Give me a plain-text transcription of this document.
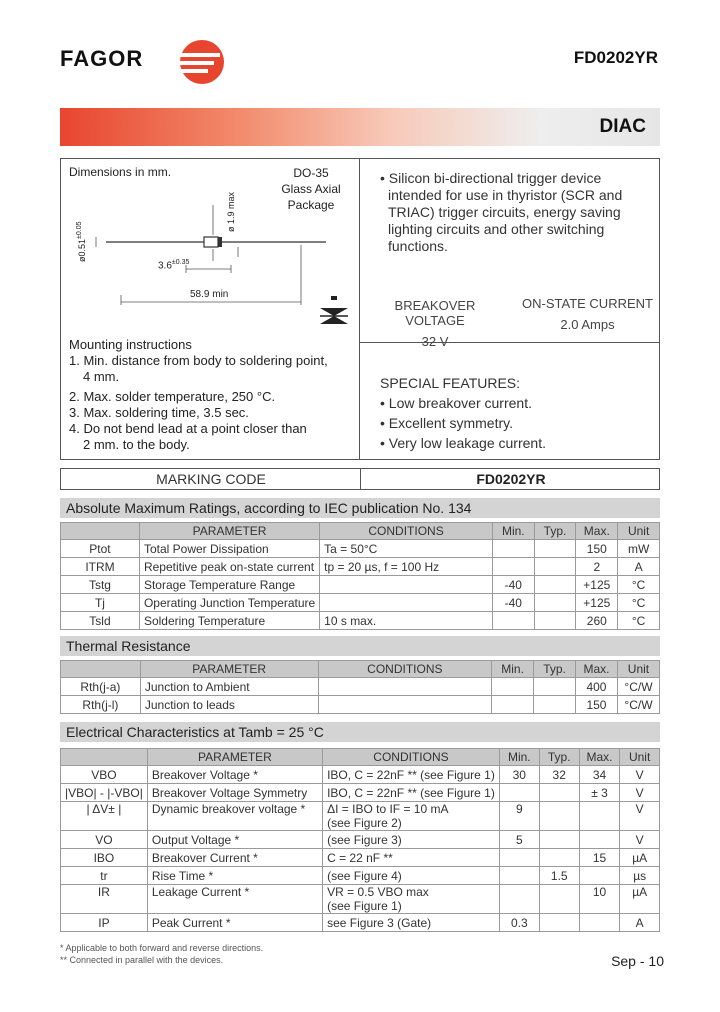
FAGOR	FD0202YR
DIAC
Dimensions in mm.	DO-35
Glass Axial
Package
ø 1.9 max
$ø0.51^{\pm 0.05}$
$3.6^{\pm 0.35}$
58.9 min
Mounting instructions
1. Min. distance from body to soldering point,
4 mm.
2. Max. solder temperature, 250 °C.
3. Max. soldering time, 3.5 sec.
4. Do not bend lead at a point closer than
2 mm. to the body.
• Silicon bi-directional trigger device
intended for use in thyristor (SCR and
TRIAC) trigger circuits, energy saving
lighting circuits and other switching
functions.
BREAKOVER VOLTAGE
32 V
ON-STATE CURRENT
2.0 Amps
SPECIAL FEATURES:
• Low breakover current.
• Excellent symmetry.
• Very low leakage current.
MARKING CODE	FD0202YR
Absolute Maximum Ratings, according to IEC publication No. 134
	PARAMETER	CONDITIONS	Min.	Typ.	Max.	Unit
Ptot	Total Power Dissipation	Ta = 50°C			150	mW
ITRM	Repetitive peak on-state current	tp = 20 µs, f = 100 Hz			2	A
Tstg	Storage Temperature Range		-40		+125	°C
Tj	Operating Junction Temperature		-40		+125	°C
Tsld	Soldering Temperature	10 s max.			260	°C
Thermal Resistance
	PARAMETER	CONDITIONS	Min.	Typ.	Max.	Unit
Rth(j-a)	Junction to Ambient				400	°C/W
Rth(j-l)	Junction to leads				150	°C/W
Electrical Characteristics at Tamb = 25 °C
	PARAMETER	CONDITIONS	Min.	Typ.	Max.	Unit
VBO	Breakover Voltage *	IBO, C = 22nF ** (see Figure 1)	30	32	34	V
|VBO| - |-VBO|	Breakover Voltage Symmetry	IBO, C = 22nF ** (see Figure 1)			± 3	V
| ΔV± |	Dynamic breakover voltage *	ΔI = IBO to IF = 10 mA
(see Figure 2)	9			V
VO	Output Voltage *	(see Figure 3)	5			V
IBO	Breakover Current *	C = 22 nF **			15	µA
tr	Rise Time *	(see Figure 4)		1.5		µs
IR	Leakage Current *	VR = 0.5 VBO max
(see Figure 1)			10	µA
IP	Peak Current *	see Figure 3 (Gate)	0.3			A
* Applicable to both forward and reverse directions.
** Connected in parallel with the devices.	Sep - 10
